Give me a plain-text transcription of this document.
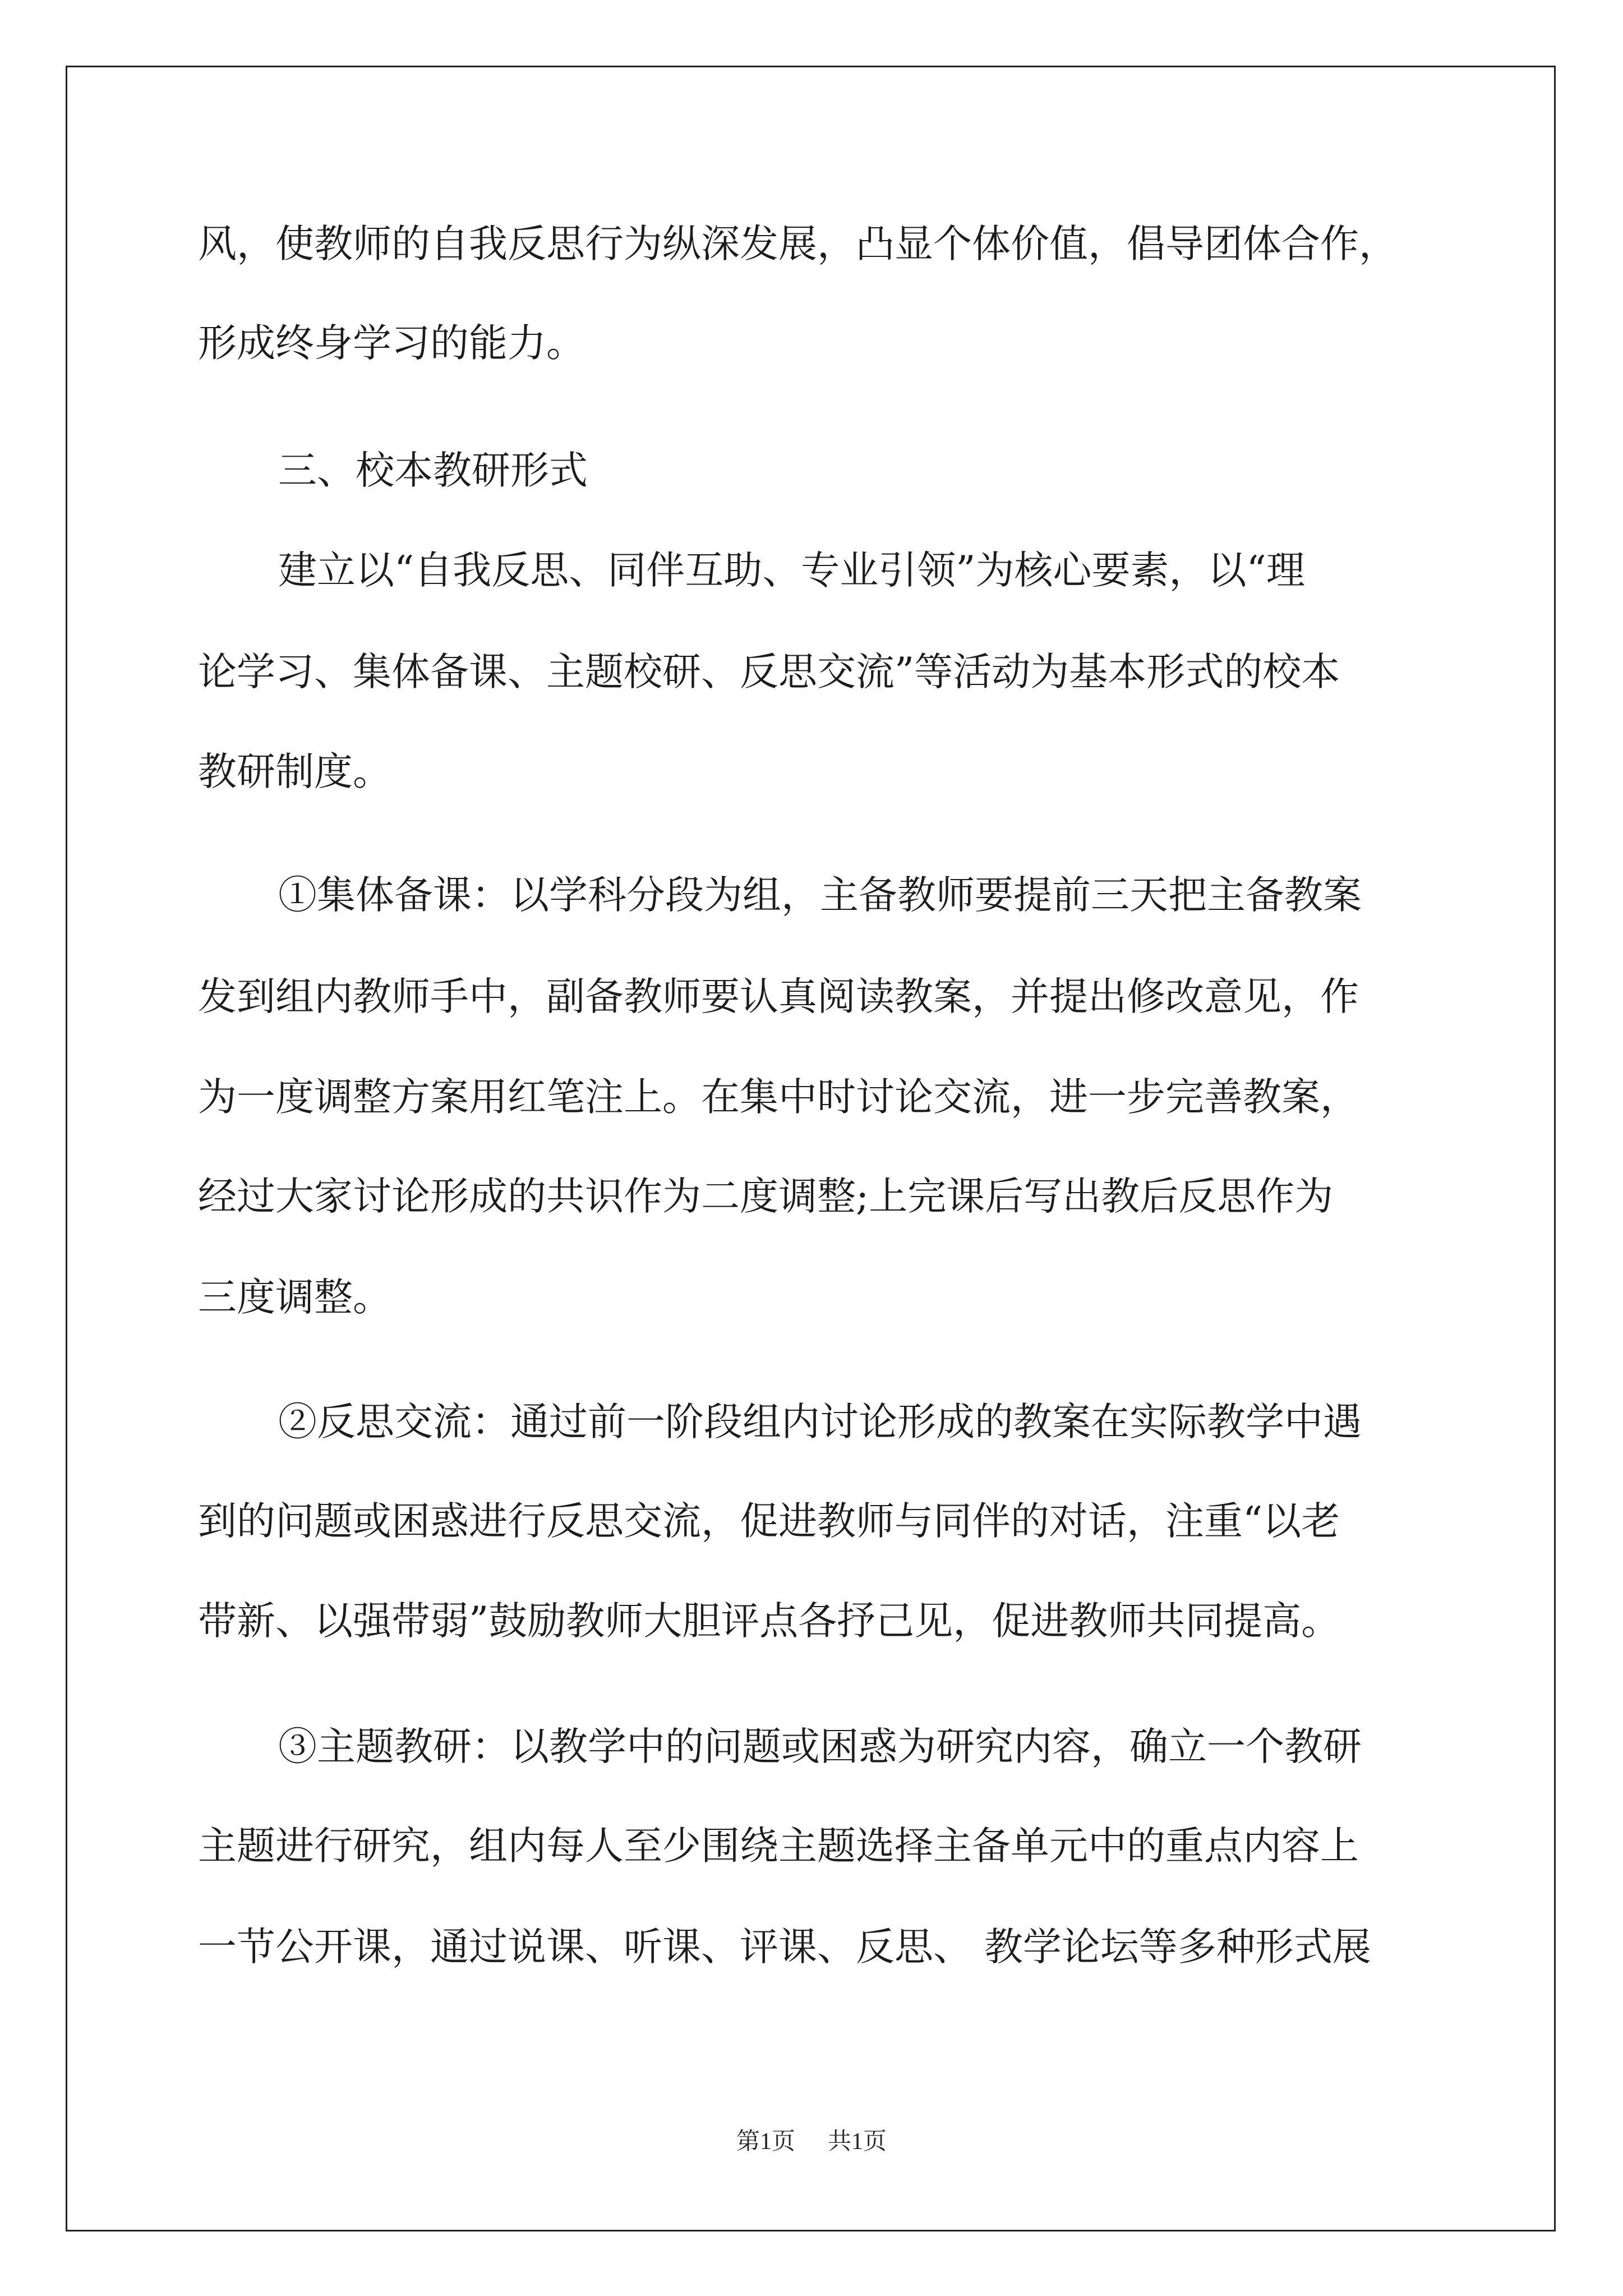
风，使教师的自我反思行为纵深发展，凸显个体价值，倡导团体合作，

形成终身学习的能力。

三、校本教研形式

建立以“自我反思、同伴互助、专业引领”为核心要素，以“理

论学习、集体备课、主题校研、反思交流”等活动为基本形式的校本

教研制度。

①集体备课：以学科分段为组，主备教师要提前三天把主备教案

发到组内教师手中，副备教师要认真阅读教案，并提出修改意见，作

为一度调整方案用红笔注上。在集中时讨论交流，进一步完善教案，

经过大家讨论形成的共识作为二度调整;上完课后写出教后反思作为

三度调整。

②反思交流：通过前一阶段组内讨论形成的教案在实际教学中遇

到的问题或困惑进行反思交流，促进教师与同伴的对话，注重“以老

带新、以强带弱”鼓励教师大胆评点各抒己见，促进教师共同提高。

③主题教研：以教学中的问题或困惑为研究内容，确立一个教研

主题进行研究，组内每人至少围绕主题选择主备单元中的重点内容上

一节公开课，通过说课、听课、评课、反思、 教学论坛等多种形式展

第1页 共1页
